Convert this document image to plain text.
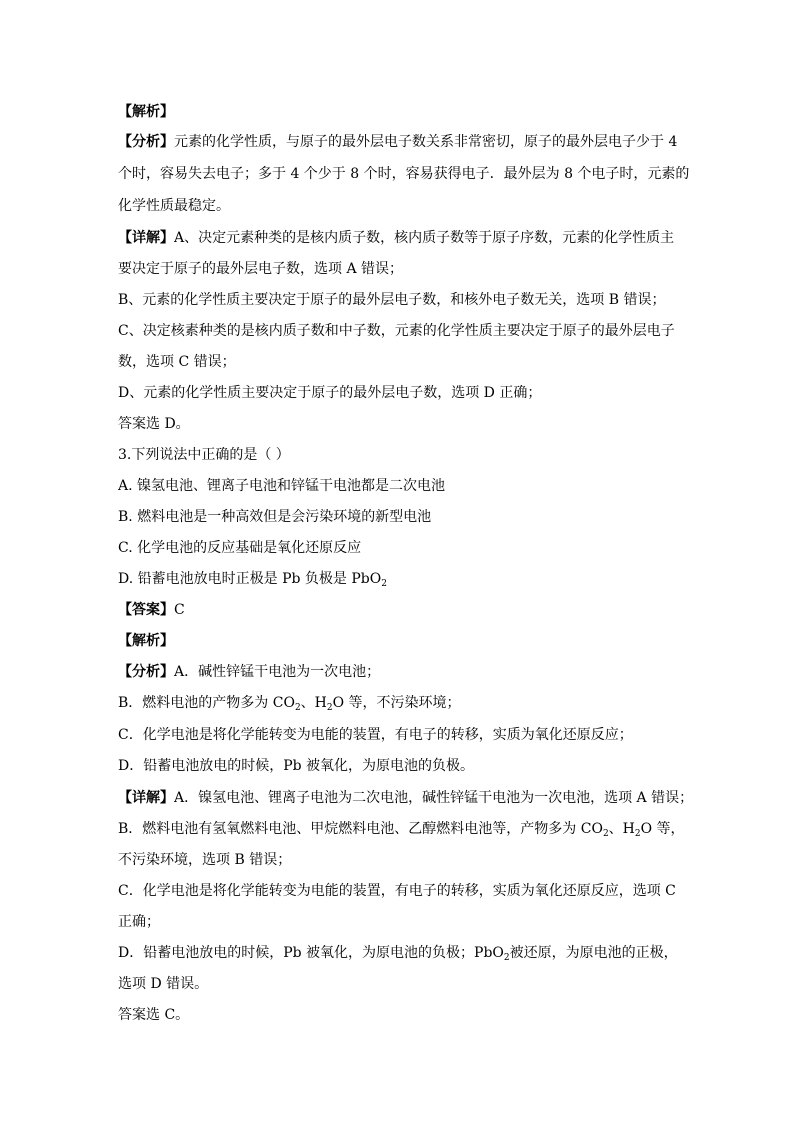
【解析】
【分析】元素的化学性质，与原子的最外层电子数关系非常密切，原子的最外层电子少于 4
个时，容易失去电子；多于 4 个少于 8 个时，容易获得电子．最外层为 8 个电子时，元素的
化学性质最稳定。
【详解】A、决定元素种类的是核内质子数，核内质子数等于原子序数，元素的化学性质主
要决定于原子的最外层电子数，选项 A 错误；
B、元素的化学性质主要决定于原子的最外层电子数，和核外电子数无关，选项 B 错误；
C、决定核素种类的是核内质子数和中子数，元素的化学性质主要决定于原子的最外层电子
数，选项 C 错误；
D、元素的化学性质主要决定于原子的最外层电子数，选项 D 正确；
答案选 D。
3.下列说法中正确的是（ ）
A. 镍氢电池、锂离子电池和锌锰干电池都是二次电池
B. 燃料电池是一种高效但是会污染环境的新型电池
C. 化学电池的反应基础是氧化还原反应
D. 铅蓄电池放电时正极是 Pb 负极是 PbO$_2$
【答案】C
【解析】
【分析】A．碱性锌锰干电池为一次电池；
B．燃料电池的产物多为 $CO_2$、$H_2O$ 等，不污染环境；
C．化学电池是将化学能转变为电能的装置，有电子的转移，实质为氧化还原反应；
D．铅蓄电池放电的时候，Pb 被氧化，为原电池的负极。
【详解】A．镍氢电池、锂离子电池为二次电池，碱性锌锰干电池为一次电池，选项 A 错误；
B．燃料电池有氢氧燃料电池、甲烷燃料电池、乙醇燃料电池等，产物多为 $CO_2$、$H_2O$ 等，
不污染环境，选项 B 错误；
C．化学电池是将化学能转变为电能的装置，有电子的转移，实质为氧化还原反应，选项 C
正确；
D．铅蓄电池放电的时候，Pb 被氧化，为原电池的负极；PbO$_2$被还原，为原电池的正极，
选项 D 错误。
答案选 C。
